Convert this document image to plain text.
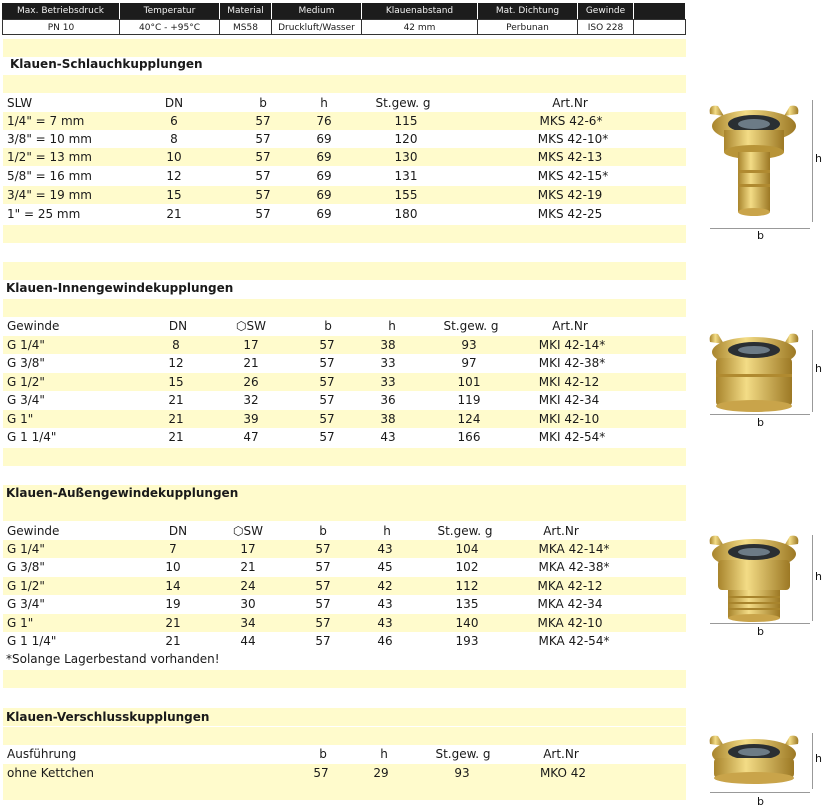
Max. Betriebsdruck	Temperatur	Material	Medium	Klauenabstand	Mat. Dichtung	Gewinde
PN 10	40°C - +95°C	MS58	Druckluft/Wasser	42 mm	Perbunan	ISO 228
Klauen-Schlauchkupplungen
SLW	DN	b	h	St.gew. g	Art.Nr
1/4" = 7 mm	6	57	76	115	MKS 42-6*
3/8" = 10 mm	8	57	69	120	MKS 42-10*
1/2" = 13 mm	10	57	69	130	MKS 42-13
5/8" = 16 mm	12	57	69	131	MKS 42-15*
3/4" = 19 mm	15	57	69	155	MKS 42-19
1" = 25 mm	21	57	69	180	MKS 42-25
Klauen-Innengewindekupplungen
Gewinde	DN	⬡SW	b	h	St.gew. g	Art.Nr
G 1/4"	8	17	57	38	93	MKI 42-14*
G 3/8"	12	21	57	33	97	MKI 42-38*
G 1/2"	15	26	57	33	101	MKI 42-12
G 3/4"	21	32	57	36	119	MKI 42-34
G 1"	21	39	57	38	124	MKI 42-10
G 1 1/4"	21	47	57	43	166	MKI 42-54*
Klauen-Außengewindekupplungen
Gewinde	DN	⬡SW	b	h	St.gew. g	Art.Nr
G 1/4"	7	17	57	43	104	MKA 42-14*
G 3/8"	10	21	57	45	102	MKA 42-38*
G 1/2"	14	24	57	42	112	MKA 42-12
G 3/4"	19	30	57	43	135	MKA 42-34
G 1"	21	34	57	43	140	MKA 42-10
G 1 1/4"	21	44	57	46	193	MKA 42-54*
*Solange Lagerbestand vorhanden!
Klauen-Verschlusskupplungen
Ausführung	b	h	St.gew. g	Art.Nr
ohne Kettchen	57	29	93	MKO 42
h
b
h
b
h
b
h
b
